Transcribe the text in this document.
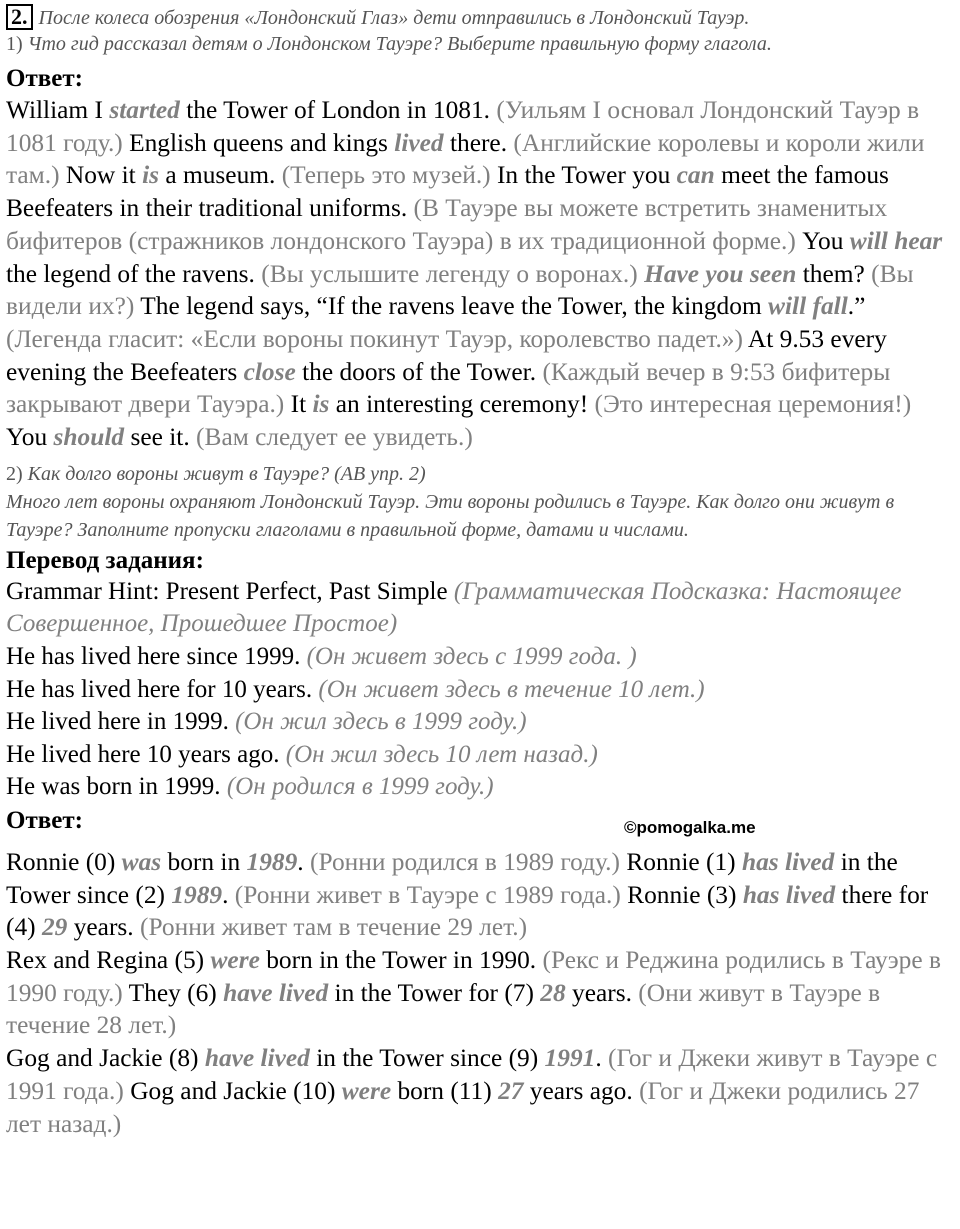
2. После колеса обозрения «Лондонский Глаз» дети отправились в Лондонский Тауэр.
1) Что гид рассказал детям о Лондонском Тауэре? Выберите правильную форму глагола.
Ответ:
William I started the Tower of London in 1081. (Уильям I основал Лондонский Тауэр в 1081 году.) English queens and kings lived there. (Английские королевы и короли жили там.) Now it is a museum. (Теперь это музей.) In the Tower you can meet the famous Beefeaters in their traditional uniforms. (В Тауэре вы можете встретить знаменитых бифитеров (стражников лондонского Тауэра) в их традиционной форме.) You will hear the legend of the ravens. (Вы услышите легенду о воронах.) Have you seen them? (Вы видели их?) The legend says, “If the ravens leave the Tower, the kingdom will fall.” (Легенда гласит: «Если вороны покинут Тауэр, королевство падет.») At 9.53 every evening the Beefeaters close the doors of the Tower. (Каждый вечер в 9:53 бифитеры закрывают двери Тауэра.) It is an interesting ceremony! (Это интересная церемония!) You should see it. (Вам следует ее увидеть.)
2) Как долго вороны живут в Тауэре? (АВ упр. 2)
Много лет вороны охраняют Лондонский Тауэр. Эти вороны родились в Тауэре. Как долго они живут в Тауэре? Заполните пропуски глаголами в правильной форме, датами и числами.
Перевод задания:
Grammar Hint: Present Perfect, Past Simple (Грамматическая Подсказка: Настоящее Совершенное, Прошедшее Простое)
He has lived here since 1999. (Он живет здесь с 1999 года. )
He has lived here for 10 years. (Он живет здесь в течение 10 лет.)
He lived here in 1999. (Он жил здесь в 1999 году.)
He lived here 10 years ago. (Он жил здесь 10 лет назад.)
He was born in 1999. (Он родился в 1999 году.)
Ответ:	©pomogalka.me
Ronnie (0) was born in 1989. (Ронни родился в 1989 году.) Ronnie (1) has lived in the Tower since (2) 1989. (Ронни живет в Тауэре с 1989 года.) Ronnie (3) has lived there for (4) 29 years. (Ронни живет там в течение 29 лет.)
Rex and Regina (5) were born in the Tower in 1990. (Рекс и Реджина родились в Тауэре в 1990 году.) They (6) have lived in the Tower for (7) 28 years. (Они живут в Тауэре в течение 28 лет.)
Gog and Jackie (8) have lived in the Tower since (9) 1991. (Гог и Джеки живут в Тауэре с 1991 года.) Gog and Jackie (10) were born (11) 27 years ago. (Гог и Джеки родились 27 лет назад.)
